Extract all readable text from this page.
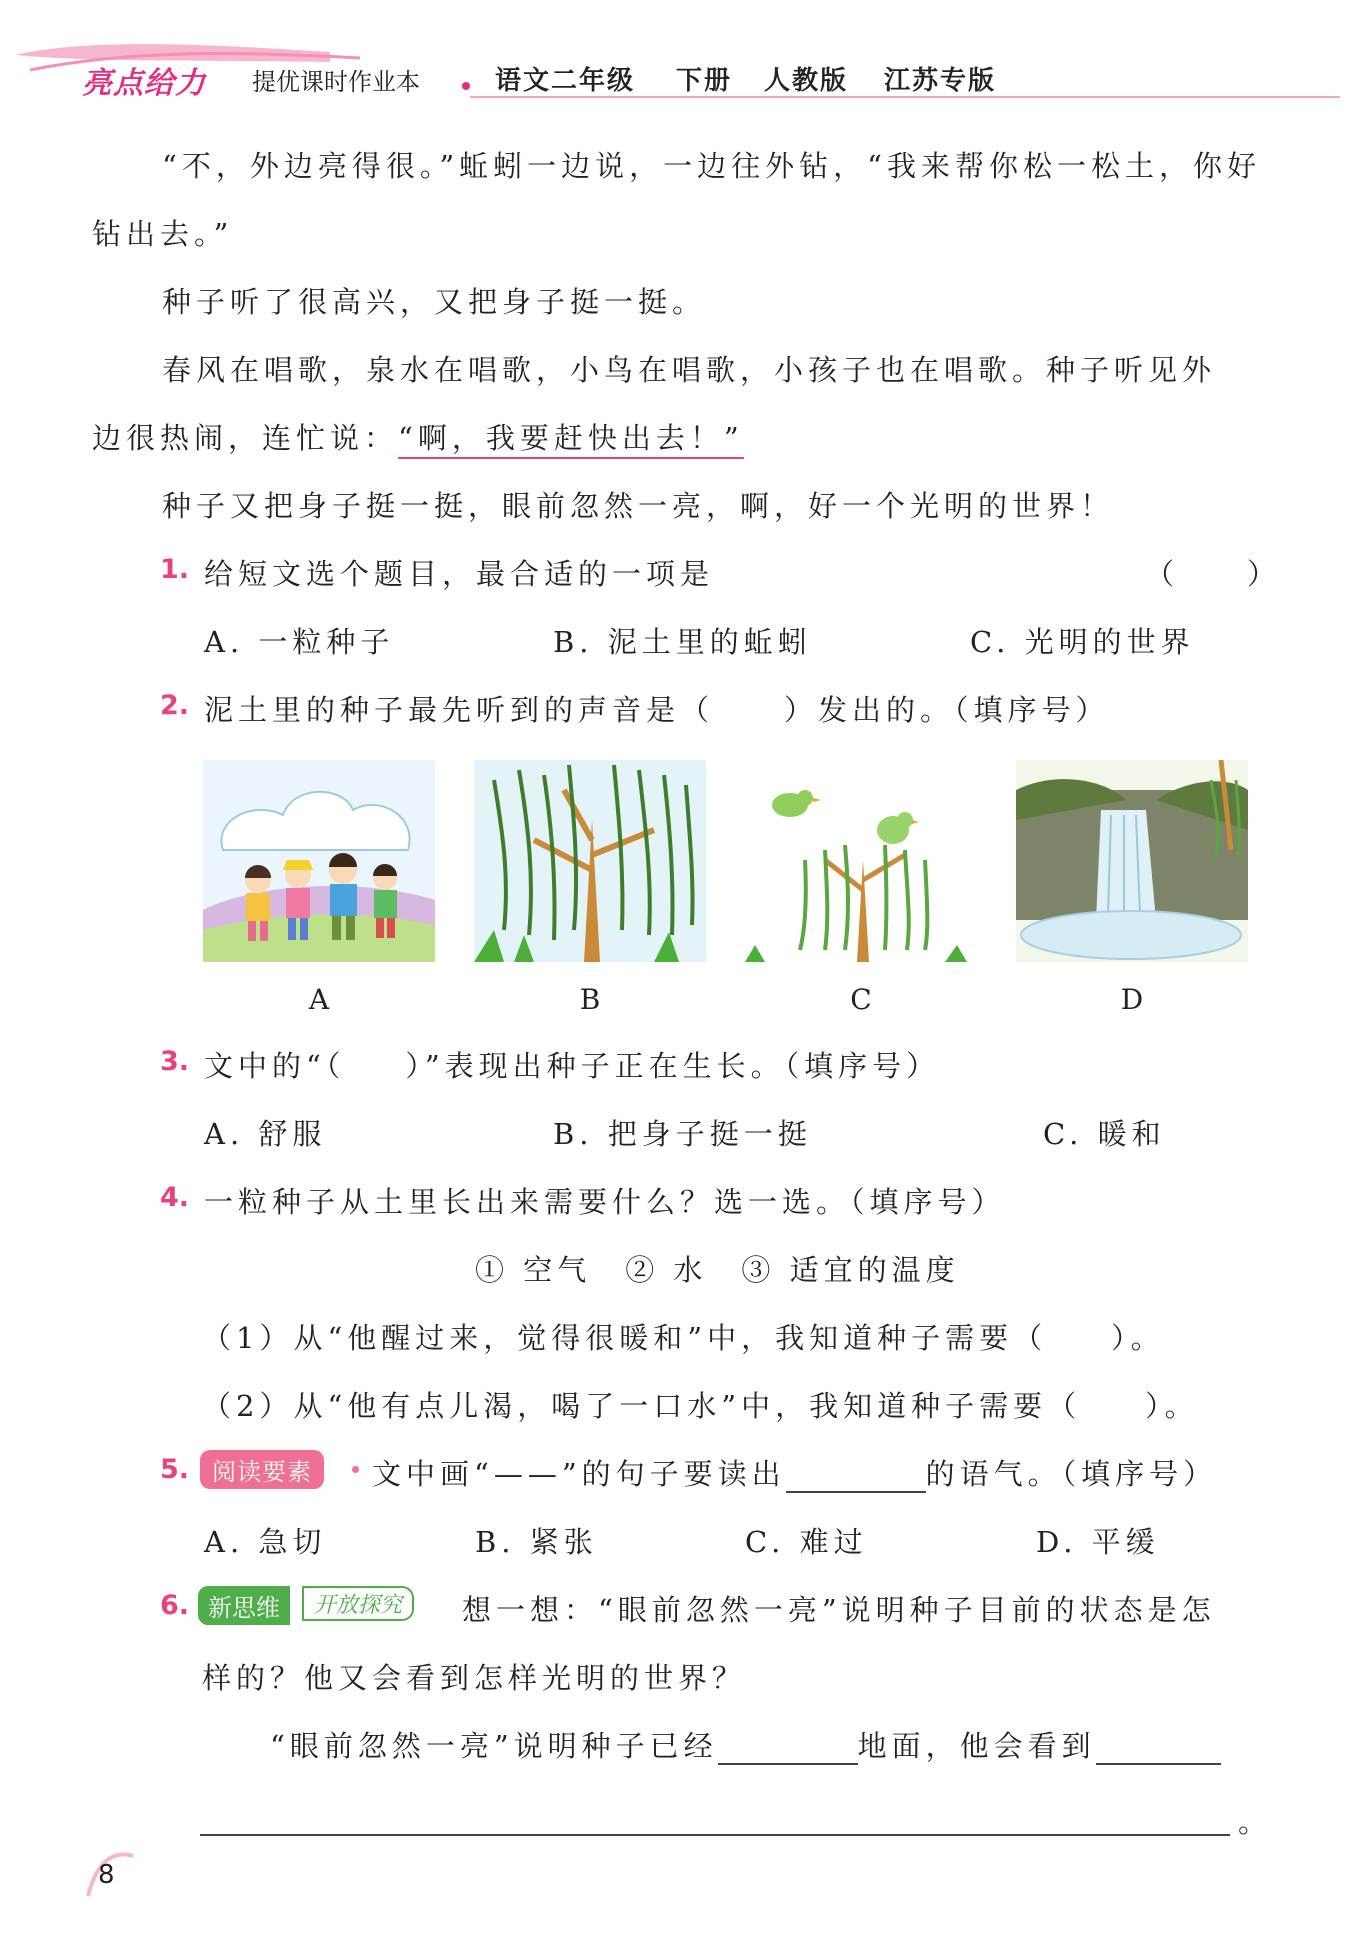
亮点给力 提优课时作业本	语文二年级 下册 人教版 江苏专版
“不，外边亮得很。”蚯蚓一边说，一边往外钻，“我来帮你松一松土，你好
钻出去。”
种子听了很高兴，又把身子挺一挺。
春风在唱歌，泉水在唱歌，小鸟在唱歌，小孩子也在唱歌。种子听见外
边很热闹，连忙说：“啊，我要赶快出去！”
种子又把身子挺一挺，眼前忽然一亮，啊，好一个光明的世界！
1. 给短文选个题目，最合适的一项是	（　　）
A. 一粒种子	B. 泥土里的蚯蚓	C. 光明的世界
2. 泥土里的种子最先听到的声音是（ ）发出的。（填序号）
A	B	C	D
3. 文中的“（ ）”表现出种子正在生长。（填序号）
A. 舒服	B. 把身子挺一挺	C. 暖和
4. 一粒种子从土里长出来需要什么？选一选。（填序号）
① 空气　② 水　③ 适宜的温度
（1）从“他醒过来，觉得很暖和”中，我知道种子需要（ ）。
（2）从“他有点儿渴，喝了一口水”中，我知道种子需要（ ）。
5. 阅读要素	文中画“——”的句子要读出	的语气。（填序号）
A. 急切	B. 紧张	C. 难过	D. 平缓
6. 新思维	开放探究	想一想：“眼前忽然一亮”说明种子目前的状态是怎
样的？他又会看到怎样光明的世界？
“眼前忽然一亮”说明种子已经	地面，他会看到
。
8
